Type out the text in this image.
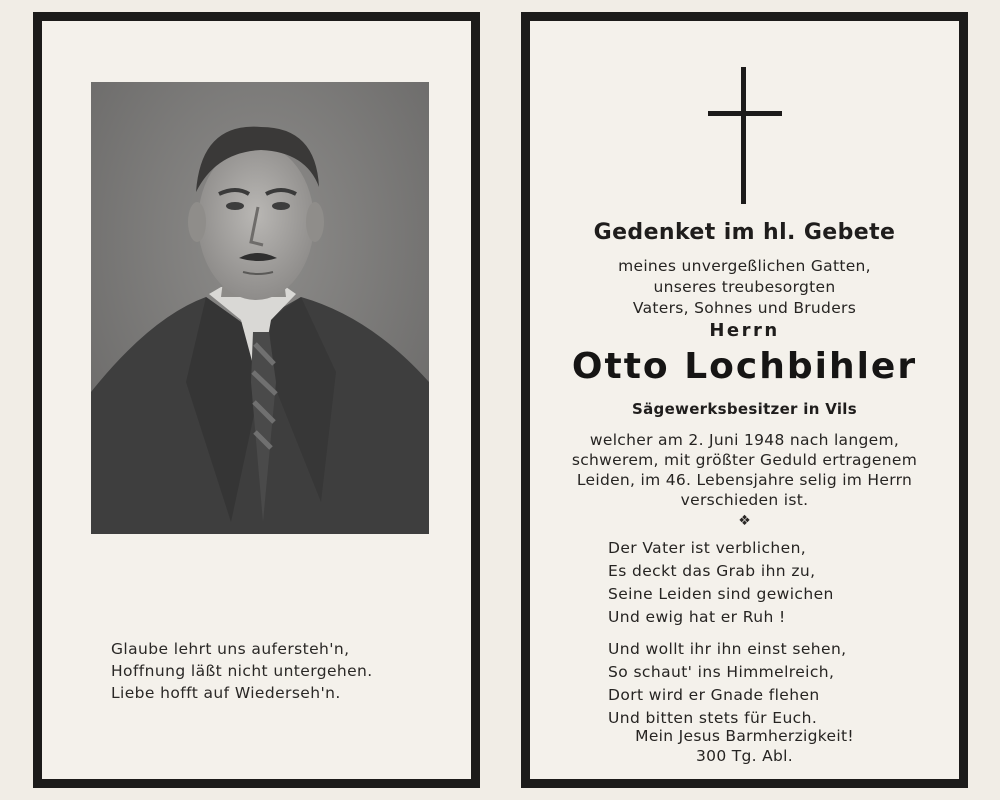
Glaube lehrt uns aufersteh'n,
Hoffnung läßt nicht untergehen.
Liebe hofft auf Wiederseh'n.
Gedenket im hl. Gebete
meines unvergeßlichen Gatten,
unseres treubesorgten
Vaters, Sohnes und Bruders
Herrn
Otto Lochbihler
Sägewerksbesitzer in Vils
welcher am 2. Juni 1948 nach langem,
schwerem, mit größter Geduld ertragenem
Leiden, im 46. Lebensjahre selig im Herrn
verschieden ist.
❖
Der Vater ist verblichen,
Es deckt das Grab ihn zu,
Seine Leiden sind gewichen
Und ewig hat er Ruh !
Und wollt ihr ihn einst sehen,
So schaut' ins Himmelreich,
Dort wird er Gnade flehen
Und bitten stets für Euch.
Mein Jesus Barmherzigkeit!
300 Tg. Abl.
